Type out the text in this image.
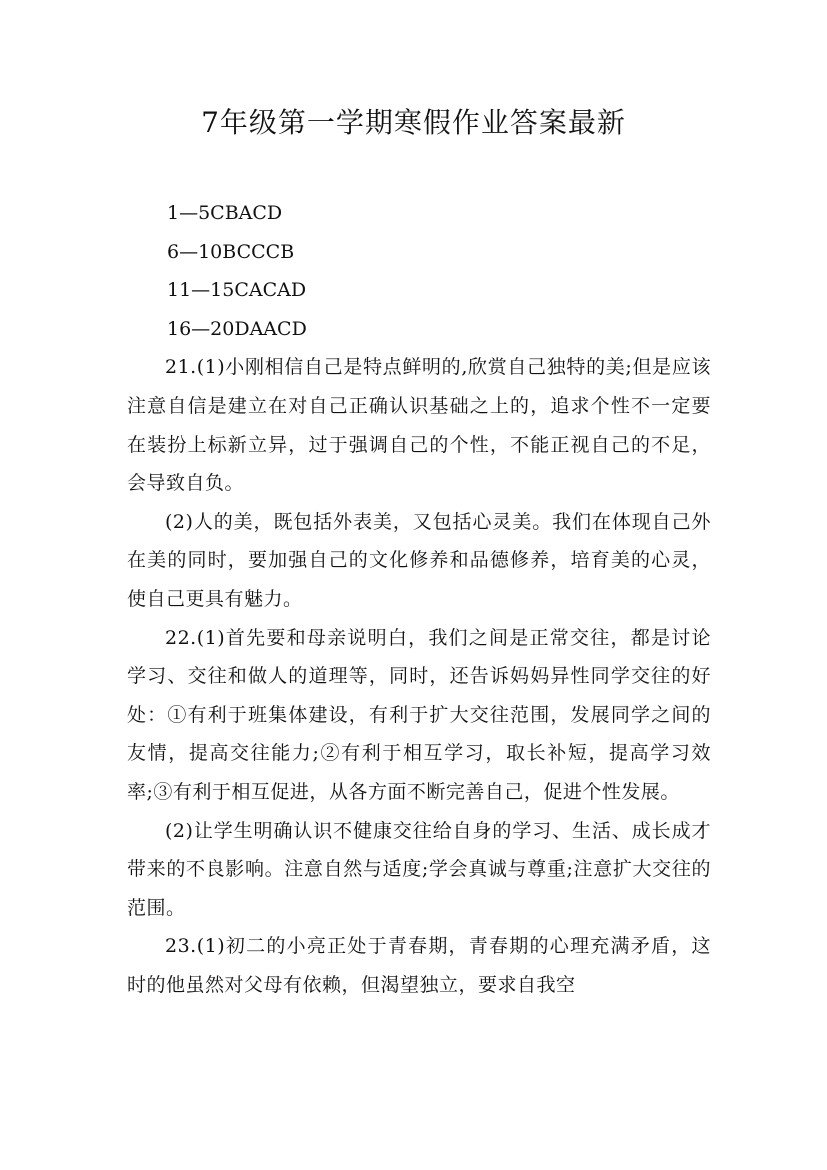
7年级第一学期寒假作业答案最新

1—5CBACD

6—10BCCCB

11—15CACAD

16—20DAACD

21.(1)小刚相信自己是特点鲜明的,欣赏自己独特的美;但是应该注意自信是建立在对自己正确认识基础之上的，追求个性不一定要在装扮上标新立异，过于强调自己的个性，不能正视自己的不足，会导致自负。

(2)人的美，既包括外表美，又包括心灵美。我们在体现自己外在美的同时，要加强自己的文化修养和品德修养，培育美的心灵，使自己更具有魅力。

22.(1)首先要和母亲说明白，我们之间是正常交往，都是讨论学习、交往和做人的道理等，同时，还告诉妈妈异性同学交往的好处：①有利于班集体建设，有利于扩大交往范围，发展同学之间的友情，提高交往能力;②有利于相互学习，取长补短，提高学习效率;③有利于相互促进，从各方面不断完善自己，促进个性发展。

(2)让学生明确认识不健康交往给自身的学习、生活、成长成才带来的不良影响。注意自然与适度;学会真诚与尊重;注意扩大交往的范围。

23.(1)初二的小亮正处于青春期，青春期的心理充满矛盾，这时的他虽然对父母有依赖，但渴望独立，要求自我空
